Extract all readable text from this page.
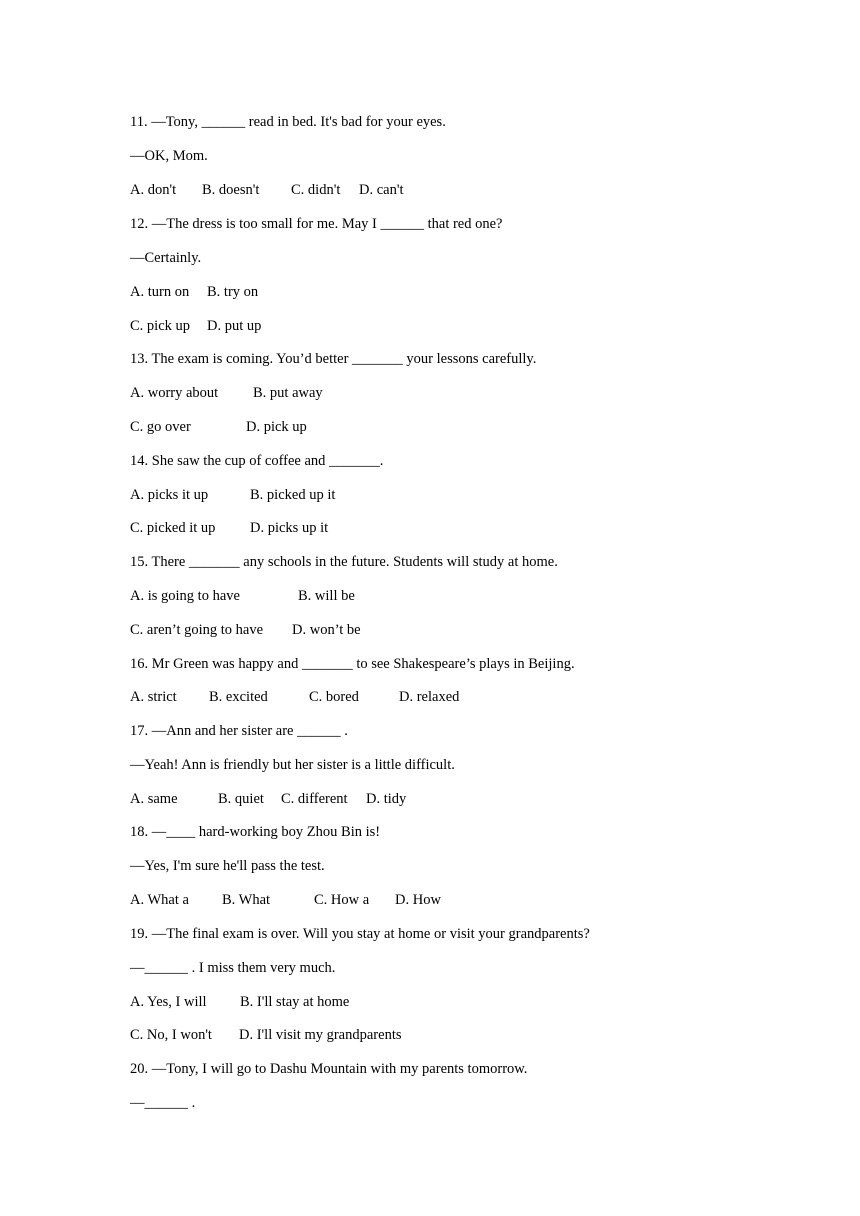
11. —Tony, ______ read in bed. It's bad for your eyes.
—OK, Mom.
A. don't B. doesn't C. didn't D. can't
12. —The dress is too small for me. May I ______ that red one?
—Certainly.
A. turn on B. try on
C. pick up D. put up
13. The exam is coming. You’d better _______ your lessons carefully.
A. worry about B. put away
C. go over	D. pick up
14. She saw the cup of coffee and _______.
A. picks it up	B. picked up it
C. picked it up D. picks up it
15. There _______ any schools in the future. Students will study at home.
A. is going to have	B. will be
C. aren’t going to have D. won’t be
16. Mr Green was happy and _______ to see Shakespeare’s plays in Beijing.
A. strict B. excited	C. bored	D. relaxed
17. —Ann and her sister are ______ .
—Yeah! Ann is friendly but her sister is a little difficult.
A. same	B. quiet C. different D. tidy
18. —____ hard-working boy Zhou Bin is!
—Yes, I'm sure he'll pass the test.
A. What a B. What	C. How a D. How
19. —The final exam is over. Will you stay at home or visit your grandparents?
—______ . I miss them very much.
A. Yes, I will B. I'll stay at home
C. No, I won't D. I'll visit my grandparents
20. —Tony, I will go to Dashu Mountain with my parents tomorrow.
—______ .
